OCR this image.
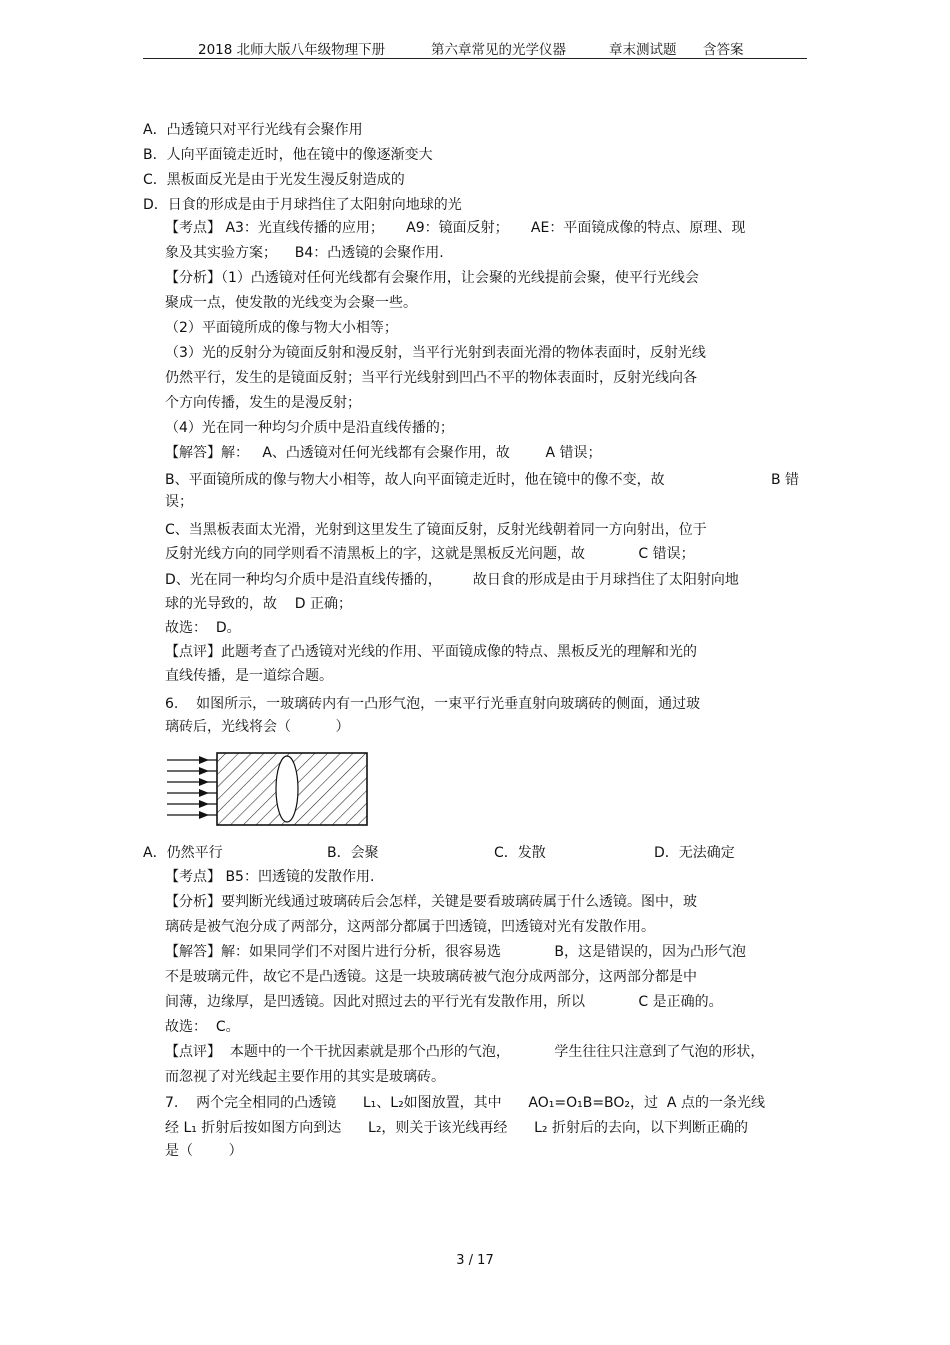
2018 北师大版八年级物理下册	第六章常见的光学仪器	章末测试题 含答案
A．凸透镜只对平行光线有会聚作用
B．人向平面镜走近时，他在镜中的像逐渐变大
C．黑板面反光是由于光发生漫反射造成的
D．日食的形成是由于月球挡住了太阳射向地球的光
【考点】 A3：光直线传播的应用；     A9：镜面反射；     AE：平面镜成像的特点、原理、现
象及其实验方案；    B4：凸透镜的会聚作用.
【分析】（1）凸透镜对任何光线都有会聚作用，让会聚的光线提前会聚，使平行光线会
聚成一点，使发散的光线变为会聚一些。
（2）平面镜所成的像与物大小相等；
（3）光的反射分为镜面反射和漫反射，当平行光射到表面光滑的物体表面时，反射光线
仍然平行，发生的是镜面反射；当平行光线射到凹凸不平的物体表面时，反射光线向各
个方向传播，发生的是漫反射；
（4）光在同一种均匀介质中是沿直线传播的；
【解答】解：   A、凸透镜对任何光线都有会聚作用，故        A 错误；
B、平面镜所成的像与物大小相等，故人向平面镜走近时，他在镜中的像不变，故	B 错
误；
C、当黑板表面太光滑，光射到这里发生了镜面反射，反射光线朝着同一方向射出，位于
反射光线方向的同学则看不清黑板上的字，这就是黑板反光问题，故            C 错误；
D、光在同一种均匀介质中是沿直线传播的，       故日食的形成是由于月球挡住了太阳射向地
球的光导致的，故    D 正确；
故选：  D。
【点评】此题考查了凸透镜对光线的作用、平面镜成像的特点、黑板反光的理解和光的
直线传播，是一道综合题。
6.    如图所示，一玻璃砖内有一凸形气泡，一束平行光垂直射向玻璃砖的侧面，通过玻
璃砖后，光线将会（          ）
A．仍然平行	B．会聚	C．发散	D．无法确定
【考点】 B5：凹透镜的发散作用.
【分析】要判断光线通过玻璃砖后会怎样，关键是要看玻璃砖属于什么透镜。图中，玻
璃砖是被气泡分成了两部分，这两部分都属于凹透镜，凹透镜对光有发散作用。
【解答】解：如果同学们不对图片进行分析，很容易选            B，这是错误的，因为凸形气泡
不是玻璃元件，故它不是凸透镜。这是一块玻璃砖被气泡分成两部分，这两部分都是中
间薄，边缘厚，是凹透镜。因此对照过去的平行光有发散作用，所以            C 是正确的。
故选：  C。
【点评】  本题中的一个干扰因素就是那个凸形的气泡，          学生往往只注意到了气泡的形状，
而忽视了对光线起主要作用的其实是玻璃砖。
7.    两个完全相同的凸透镜      L₁、L₂如图放置，其中      AO₁=O₁B=BO₂，过  A 点的一条光线
经 L₁ 折射后按如图方向到达      L₂，则关于该光线再经      L₂ 折射后的去向，以下判断正确的
是（        ）
3 / 17
